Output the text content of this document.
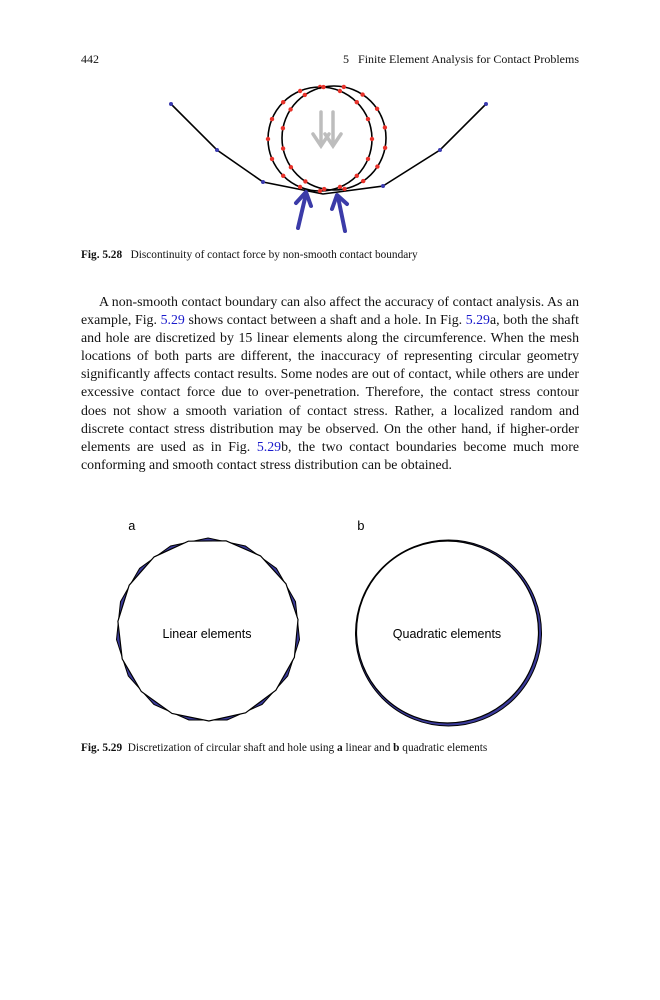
442	5   Finite Element Analysis for Contact Problems
Fig. 5.28 Discontinuity of contact force by non-smooth contact boundary
A non-smooth contact boundary can also affect the accuracy of contact analysis. As an example, Fig. 5.29 shows contact between a shaft and a hole. In Fig. 5.29a, both the shaft and hole are discretized by 15 linear elements along the circumference. When the mesh locations of both parts are different, the inaccuracy of representing circular geometry significantly affects contact results. Some nodes are out of contact, while others are under excessive contact force due to over-penetration. Therefore, the contact stress contour does not show a smooth variation of contact stress. Rather, a localized random and discrete contact stress distribution may be observed. On the other hand, if higher-order elements are used as in Fig. 5.29b, the two contact boundaries become much more conforming and smooth contact stress distribution can be obtained.
a	b
Linear elements	Quadratic elements
Fig. 5.29 Discretization of circular shaft and hole using a linear and b quadratic elements
